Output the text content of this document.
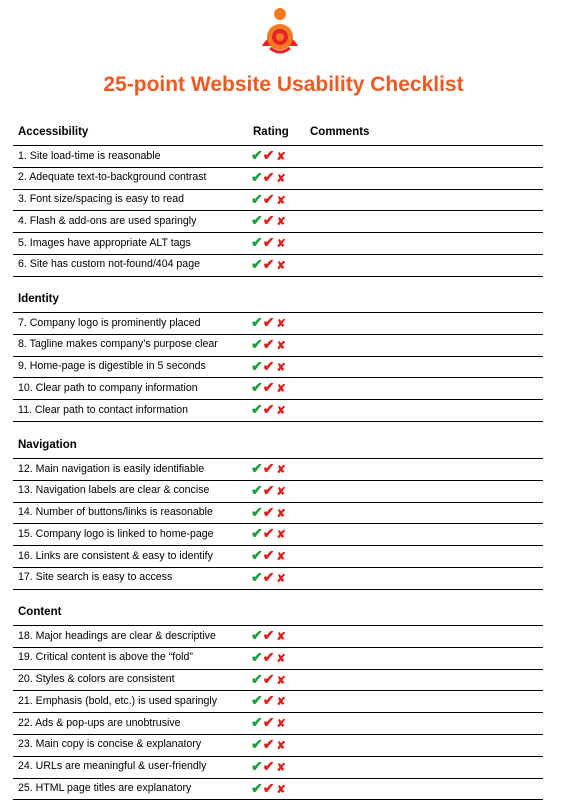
25-point Website Usability Checklist
Accessibility	Rating Comments
1. Site load-time is reasonable	✔✔ ✘
2. Adequate text-to-background contrast	✔✔ ✘
3. Font size/spacing is easy to read	✔✔ ✘
4. Flash & add-ons are used sparingly	✔✔ ✘
5. Images have appropriate ALT tags	✔✔ ✘
6. Site has custom not-found/404 page	✔✔ ✘
Identity
7. Company logo is prominently placed	✔✔ ✘
8. Tagline makes company’s purpose clear ✔✔ ✘
9. Home-page is digestible in 5 seconds	✔✔ ✘
10. Clear path to company information	✔✔ ✘
11. Clear path to contact information	✔✔ ✘
Navigation
12. Main navigation is easily identifiable	✔✔ ✘
13. Navigation labels are clear & concise	✔✔ ✘
14. Number of buttons/links is reasonable	✔✔ ✘
15. Company logo is linked to home-page	✔✔ ✘
16. Links are consistent & easy to identify	✔✔ ✘
17. Site search is easy to access	✔✔ ✘
Content
18. Major headings are clear & descriptive	✔✔ ✘
19. Critical content is above the “fold”	✔✔ ✘
20. Styles & colors are consistent	✔✔ ✘
21. Emphasis (bold, etc.) is used sparingly ✔✔ ✘
22. Ads & pop-ups are unobtrusive	✔✔ ✘
23. Main copy is concise & explanatory	✔✔ ✘
24. URLs are meaningful & user-friendly	✔✔ ✘
25. HTML page titles are explanatory	✔✔ ✘
